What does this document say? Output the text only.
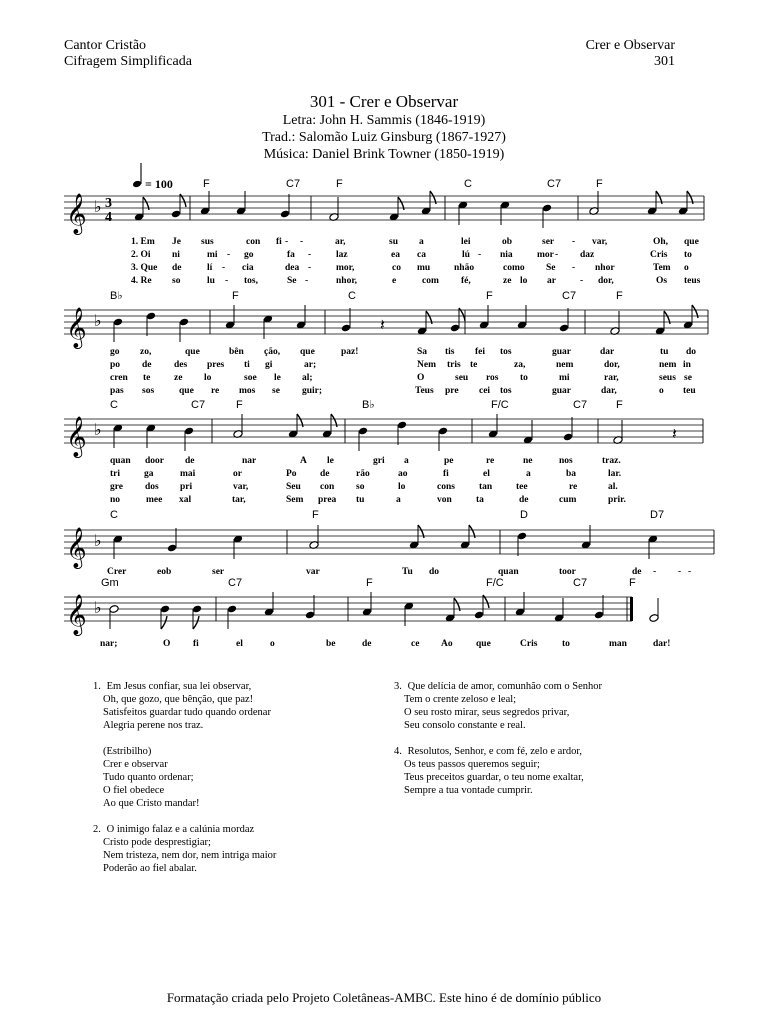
Cantor Cristão
Cifragem Simplificada
Crer e Observar
301
301 - Crer e Observar
Letra: John H. Sammis (1846-1919)
Trad.: Salomão Luiz Ginsburg (1867-1927)
Música: Daniel Brink Towner (1850-1919)
= 100
𝄞 ♭ 3
4
F	C7	F	C	C7	F
1. Em Je sus	con fi - -	ar,	su a	lei	ob	ser - var,	Oh, que
2. Oi ni	mi - go	fa -	laz	ea ca	lú - nia	mor - daz	Cris to
3. Que de	lí - cia	dea -	mor,	co mu	nhão	como Se - nhor	Tem o
4. Re so	lu - tos,	Se -	nhor,	e	com fé,	ze lo ar	- dor,	Os teus
𝄞 ♭	𝄽
B♭	F	C	F	C7	F
go zo,	que	bên ção, que	paz!	Sa tis fei tos	guar	dar	tu do
po de des pres ti gi	ar;	Nem tris te	za,	nem	dor,	nem in
cren te ze lo	soe le al;	O	seu ros to	mi	rar,	seus se
pas sos	que re mos se guir;	Teus pre cei tos	guar	dar,	o teu
𝄞 ♭	𝄽
C	C7	F	B♭	F/C	C7	F
quan door de	nar	A le	gri a	pe	re	ne	nos	traz.
tri	ga	mai	or	Po de	rão	ao	fi	el	a	ba	lar.
gre dos pri	var,	Seu con so	lo	cons	tan	tee	re	al.
no	mee xal	tar,	Sem prea tu	a	von	ta	de	cum	prir.
𝄞 ♭
C	F	D	D7
Crer	eob	ser	var	Tu do	quan	toor	de - - -
𝄞 ♭
Gm	C7	F	F/C	C7	F
nar;	O fi	el	o	be	de	ce Ao que	Cris	to	man	dar!
1. Em Jesus confiar, sua lei observar,
Oh, que gozo, que bênção, que paz!
Satisfeitos guardar tudo quando ordenar
Alegria perene nos traz.
(Estribilho)
Crer e observar
Tudo quanto ordenar;
O fiel obedece
Ao que Cristo mandar!
2. O inimigo falaz e a calúnia mordaz
Cristo pode desprestigiar;
Nem tristeza, nem dor, nem intriga maior
Poderão ao fiel abalar.
3. Que delícia de amor, comunhão com o Senhor
Tem o crente zeloso e leal;
O seu rosto mirar, seus segredos privar,
Seu consolo constante e real.
4. Resolutos, Senhor, e com fé, zelo e ardor,
Os teus passos queremos seguir;
Teus preceitos guardar, o teu nome exaltar,
Sempre a tua vontade cumprir.
Formatação criada pelo Projeto Coletâneas-AMBC. Este hino é de domínio público
